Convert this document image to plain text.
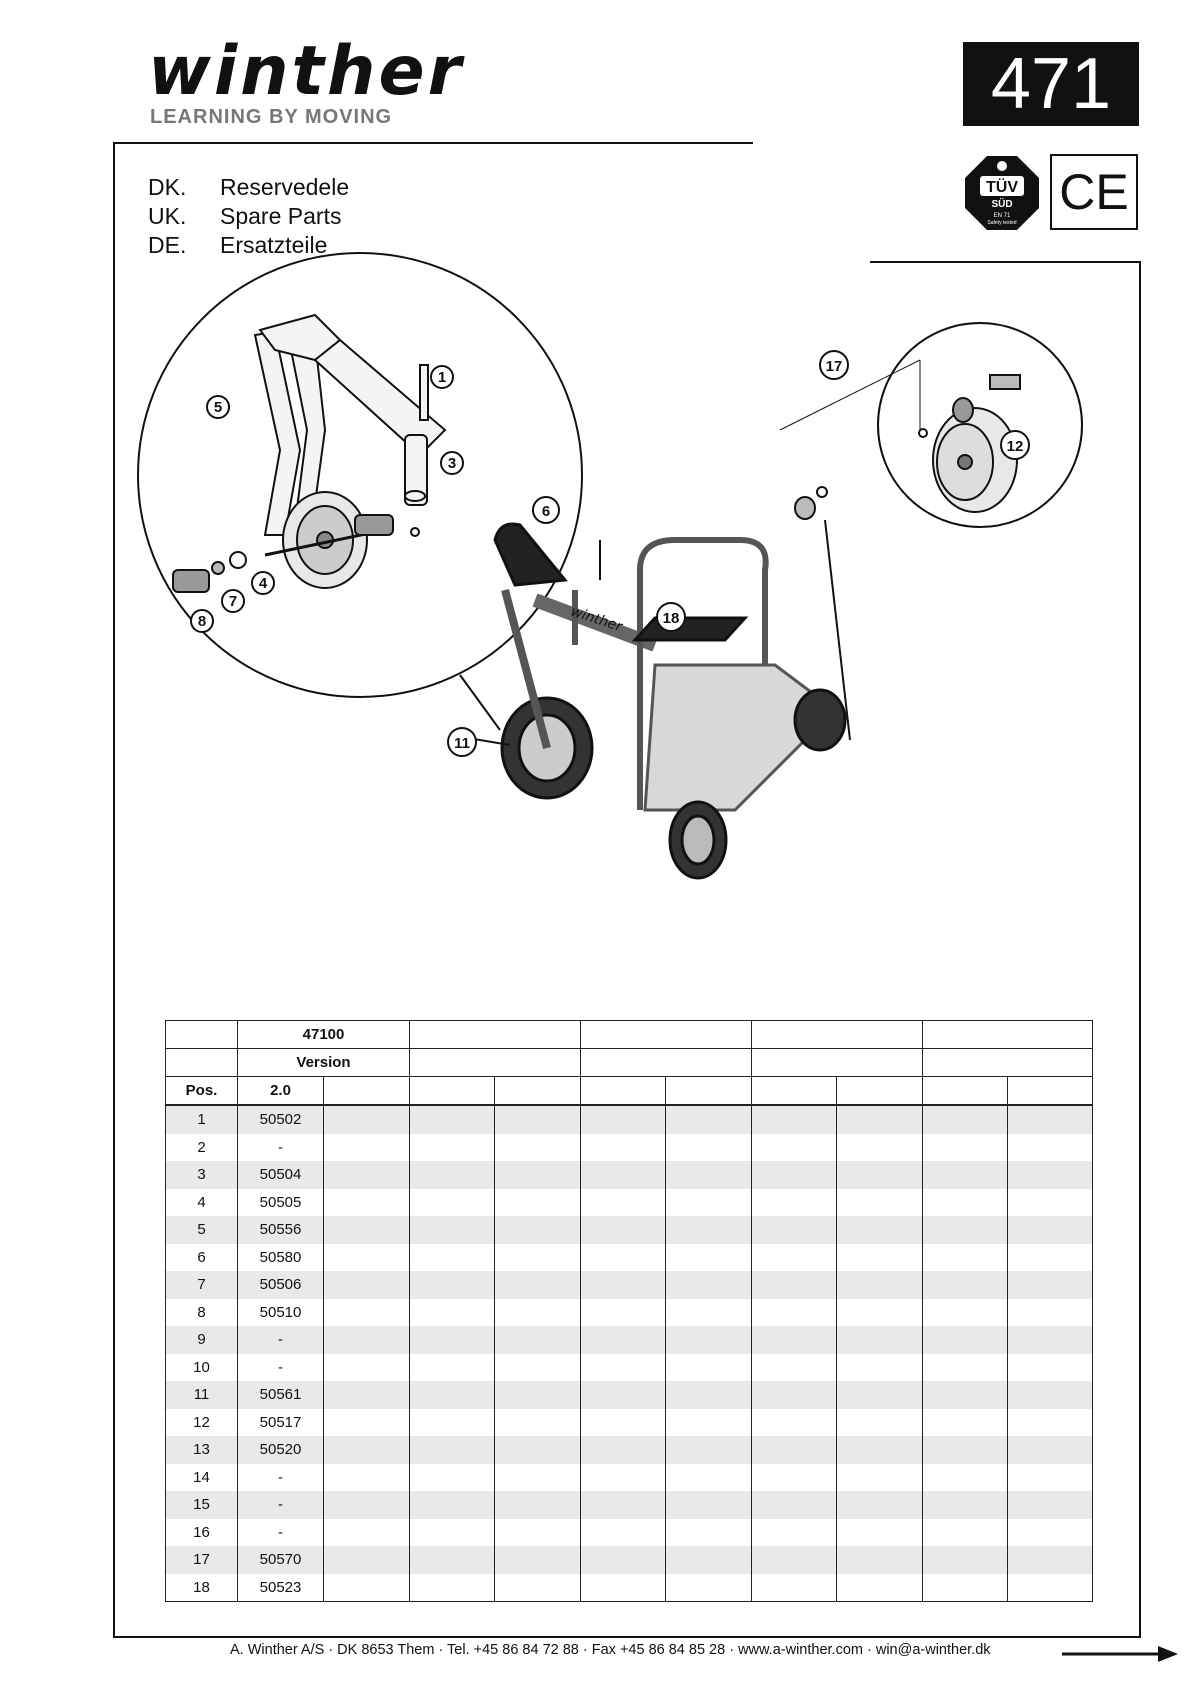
winther
LEARNING BY MOVING	471
TÜV
SÜD
EN 71
Safety tested
CE
DK. Reservedele
UK. Spare Parts
DE. Ersatzteile
winther
1
3
4
5
6
7
8
11
12
17
18
	47100									
	Version									
Pos.	2.0									
1	50502									
2	-									
3	50504									
4	50505									
5	50556									
6	50580									
7	50506									
8	50510									
9	-									
10	-									
11	50561									
12	50517									
13	50520									
14	-									
15	-									
16	-									
17	50570									
18	50523									
A. Winther A/S · DK 8653 Them · Tel. +45 86 84 72 88 · Fax +45 86 84 85 28 · www.a-winther.com · win@a-winther.dk
